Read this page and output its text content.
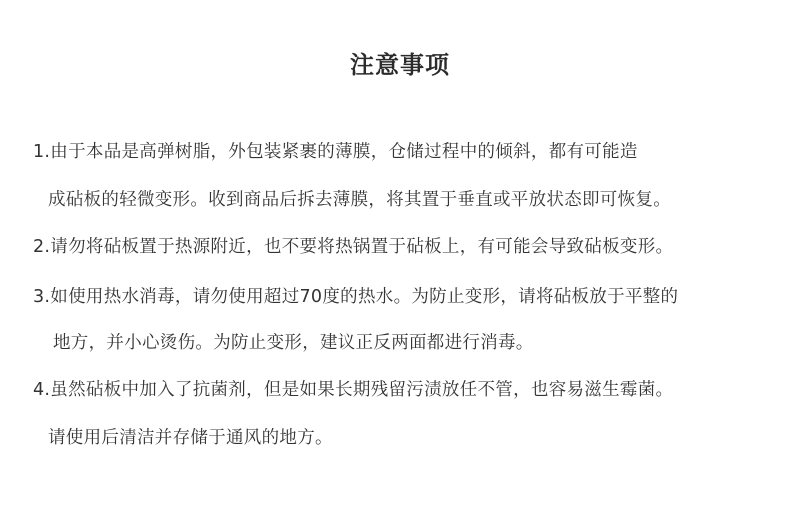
注意事项
1.由于本品是高弹树脂，外包装紧裹的薄膜，仓储过程中的倾斜，都有可能造
成砧板的轻微变形。收到商品后拆去薄膜，将其置于垂直或平放状态即可恢复。
2.请勿将砧板置于热源附近，也不要将热锅置于砧板上，有可能会导致砧板变形。
3.如使用热水消毒，请勿使用超过70度的热水。为防止变形，请将砧板放于平整的
地方，并小心烫伤。为防止变形，建议正反两面都进行消毒。
4.虽然砧板中加入了抗菌剂，但是如果长期残留污渍放任不管，也容易滋生霉菌。
请使用后清洁并存储于通风的地方。
